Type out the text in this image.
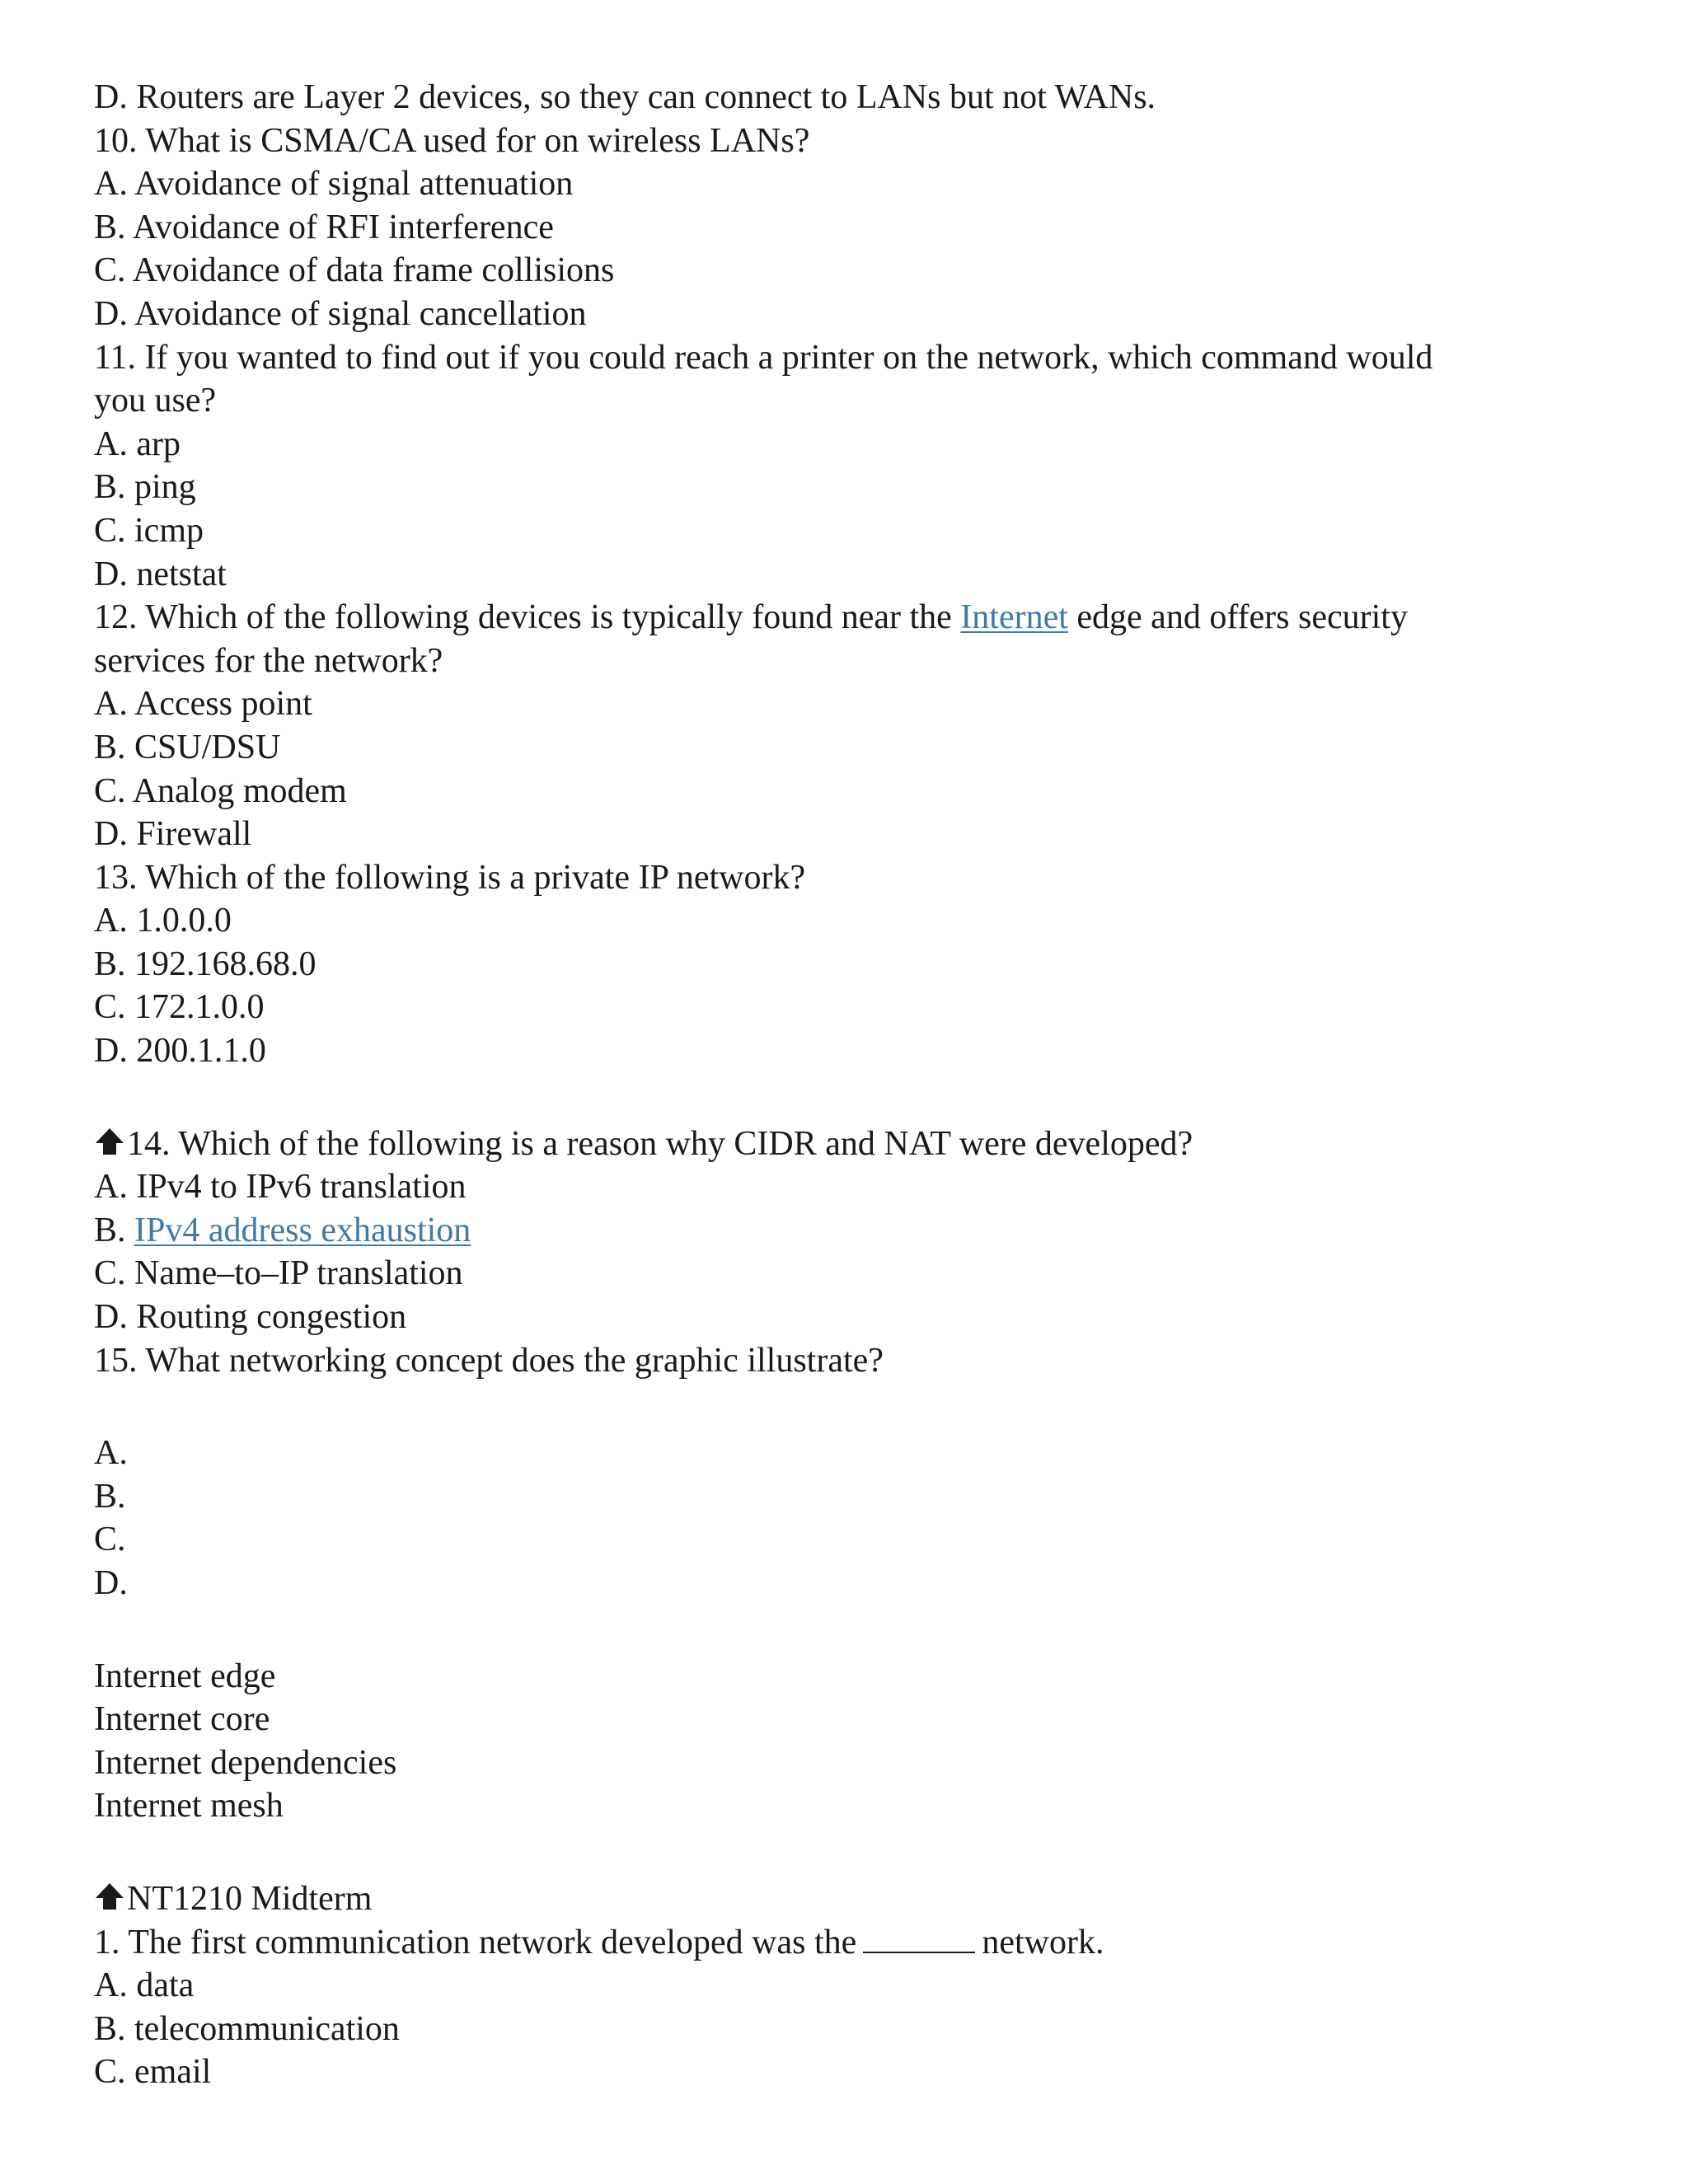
D. Routers are Layer 2 devices, so they can connect to LANs but not WANs.
10. What is CSMA/CA used for on wireless LANs?
A. Avoidance of signal attenuation
B. Avoidance of RFI interference
C. Avoidance of data frame collisions
D. Avoidance of signal cancellation
11. If you wanted to find out if you could reach a printer on the network, which command would
you use?
A. arp
B. ping
C. icmp
D. netstat
12. Which of the following devices is typically found near the Internet edge and offers security
services for the network?
A. Access point
B. CSU/DSU
C. Analog modem
D. Firewall
13. Which of the following is a private IP network?
A. 1.0.0.0
B. 192.168.68.0
C. 172.1.0.0
D. 200.1.1.0
14. Which of the following is a reason why CIDR and NAT were developed?
A. IPv4 to IPv6 translation
B. IPv4 address exhaustion
C. Name–to–IP translation
D. Routing congestion
15. What networking concept does the graphic illustrate?
A.
B.
C.
D.
Internet edge
Internet core
Internet dependencies
Internet mesh
NT1210 Midterm
1. The first communication network developed was the	network.
A. data
B. telecommunication
C. email
